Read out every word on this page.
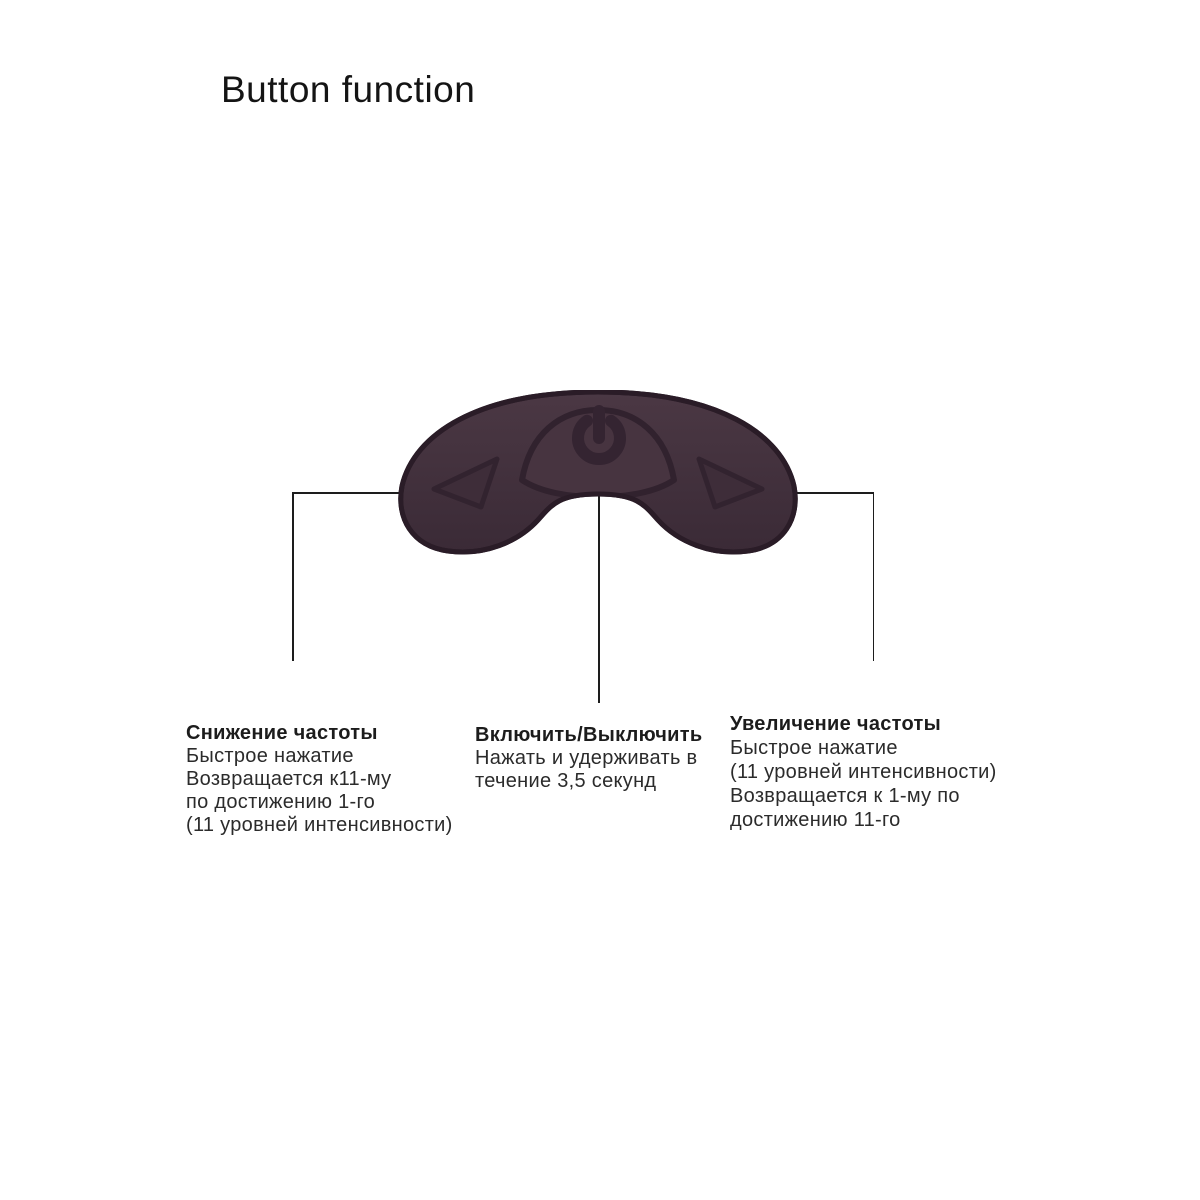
Button function
Снижение частоты
Быстрое нажатие
Возвращается к11-му
по достижению 1-го
(11 уровней интенсивности)
Включить/Выключить
Нажать и удерживать в
течение 3,5 секунд
Увеличение частоты
Быстрое нажатие
(11 уровней интенсивности)
Возвращается к 1-му по
достижению 11-го
